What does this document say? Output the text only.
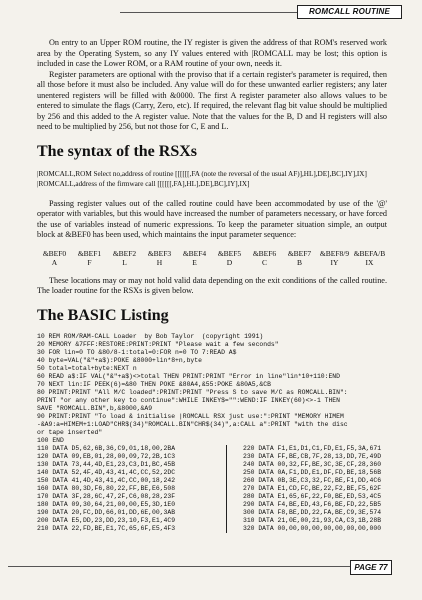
ROMCALL ROUTINE

On entry to an Upper ROM routine, the IY register is given the address of that ROM's reserved work area by the Operating System, so any IY values entered with |ROMCALL may be lost; this option is included in case the Lower ROM, or a RAM routine of your own, needs it.

Register parameters are optional with the proviso that if a certain register's parameter is required, then all those before it must also be included. Any value will do for these unwanted earlier registers; any later unentered registers will be filled with &0000. The first A register parameter also allows values to be entered to simulate the flags (Carry, Zero, etc). If required, the relevant flag bit value should be multiplied by 256 and this added to the A register value. Note that the values for the B, D and H registers will also need to be multiplied by 256, but not those for C, E and L.

The syntax of the RSXs
|ROMCALL,ROM Select no,address of routine [[[[[[,FA (note the reversal of the usual AF)],HL],DE],BC],IY],IX]
|ROMCALL,address of the firmware call [[[[[[,FA],HL],DE],BC],IY],IX]

Passing register values out of the called routine could have been accommodated by use of the '@' operator with variables, but this would have increased the number of parameters necessary, or have forced the use of variables instead of numeric expressions. To keep the parameter situation simple, an output block at &BEF0 has been used, which maintains the input parameter sequence:

&BEF0	&BEF1	&BEF2	&BEF3	&BEF4	&BEF5	&BEF6	&BEF7	&BEF8/9 &BEFA/B
A	F	L	H	E	D	C	B	IY	IX

These locations may or may not hold valid data depending on the exit conditions of the called routine. The loader routine for the RSXs is given below.

The BASIC Listing
10 REM ROM/RAM-CALL Loader  by Bob Taylor  (copyright 1991)
20 MEMORY &7FFF:RESTORE:PRINT:PRINT "Please wait a few seconds"
30 FOR lin=0 TO &80/8-1:total=0:FOR n=0 TO 7:READ A$
40 byte=VAL("&"+a$):POKE &8000+lin*8+n,byte
50 total=total+byte:NEXT n
60 READ a$:IF VAL("&"+a$)<>total THEN PRINT:PRINT "Error in line"lin*10+110:END
70 NEXT lin:IF PEEK(6)=&80 THEN POKE &80A4,&55:POKE &80A5,&CB
80 PRINT:PRINT "All M/C loaded":PRINT:PRINT "Press S to save M/C as ROMCALL.BIN":
PRINT "or any other key to continue":WHILE INKEY$="":WEND:IF INKEY(60)<>-1 THEN
SAVE "ROMCALL.BIN",b,&8000,&A9
90 PRINT:PRINT "To load & initialise |ROMCALL RSX just use:":PRINT "MEMORY HIMEM
-&A9:a=HIMEM+1:LOAD"CHR$(34)"ROMCALL.BIN"CHR$(34)",a:CALL a":PRINT "with the disc
or tape inserted"
100 END
110 DATA D5,62,6B,36,C9,01,18,00,2BA
120 DATA 09,EB,01,28,00,09,72,2B,1C3
130 DATA 73,44,4D,E1,23,C3,D1,BC,45B
140 DATA 52,4F,4D,43,41,4C,CC,52,2DC
150 DATA 41,4D,43,41,4C,CC,00,18,242
160 DATA 80,3D,F6,80,22,FF,BE,E6,508
170 DATA 3F,28,6C,47,2F,C6,08,28,23F
180 DATA 09,30,64,21,00,00,E5,3D,1E0
190 DATA 20,FC,DD,66,01,DD,6E,00,3AB
200 DATA E5,DD,23,DD,23,10,F3,E1,4C9
210 DATA 22,FD,BE,E1,7C,65,6F,E5,4F3
220 DATA F1,E1,D1,C1,FD,E1,F5,3A,671
230 DATA FF,BE,CB,7F,28,13,DD,7E,49D
240 DATA 00,32,FF,BE,3C,3E,CF,28,360
250 DATA 0A,F1,DD,E1,DF,FD,BE,18,56B
260 DATA 0B,3E,C3,32,FC,BE,F1,DD,4C6
270 DATA E1,CD,FC,BE,22,F2,BE,F5,62F
280 DATA E1,65,6F,22,F0,BE,ED,53,4C5
290 DATA F4,BE,ED,43,F6,BE,FD,22,5B5
300 DATA F8,BE,DD,22,FA,BE,C9,3E,574
310 DATA 21,0E,00,21,93,CA,C3,1B,28B
320 DATA 00,00,00,00,00,00,00,00,000
PAGE 77
